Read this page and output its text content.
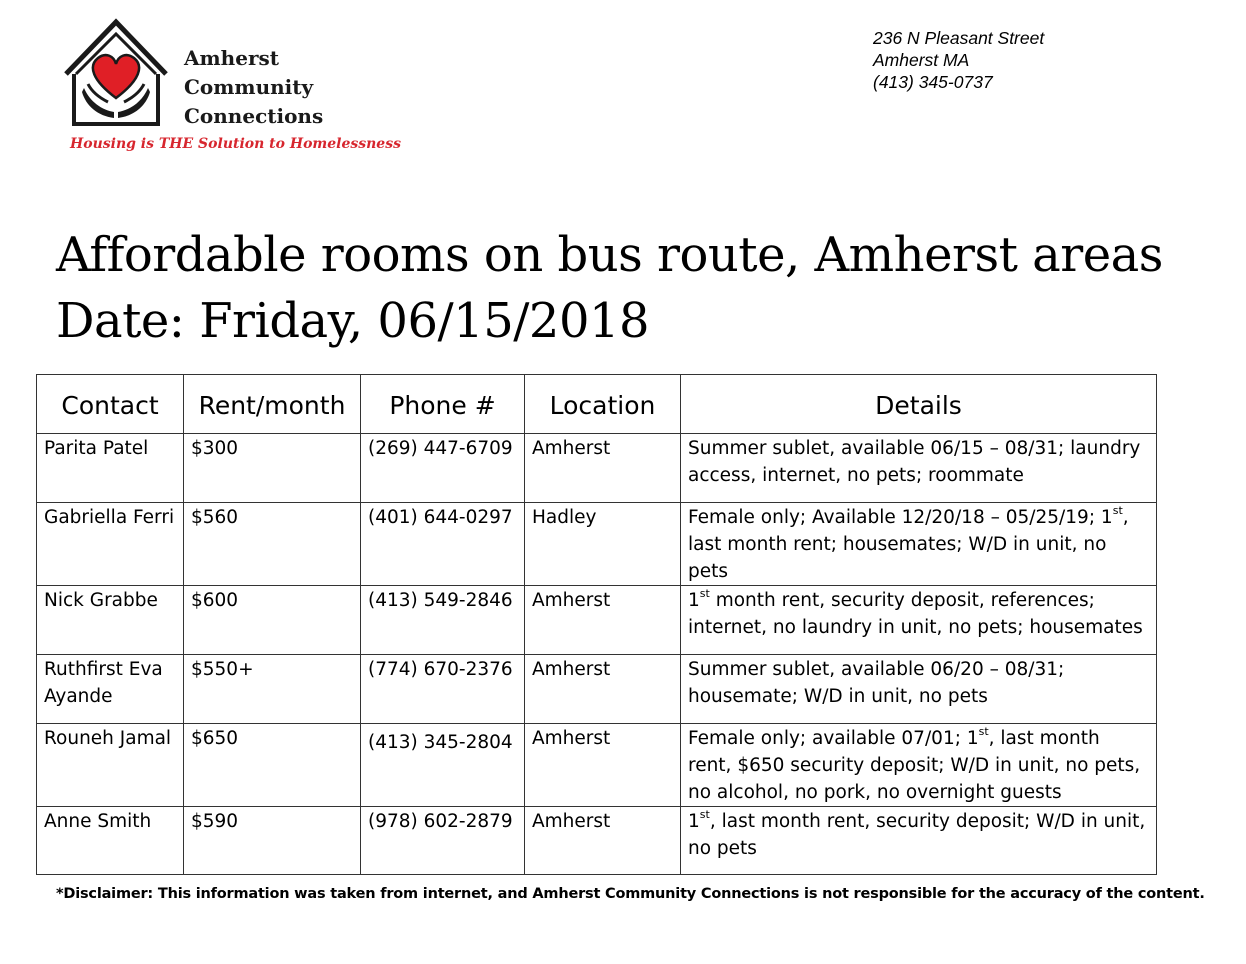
Amherst
Community
Connections
Housing is THE Solution to Homelessness
236 N Pleasant Street
Amherst MA
(413) 345-0737
Affordable rooms on bus route, Amherst areas
Date: Friday, 06/15/2018
Contact	Rent/month	Phone #	Location	Details
Parita Patel	$300	(269) 447-6709	Amherst	Summer sublet, available 06/15 – 08/31; laundry access, internet, no pets; roommate
Gabriella Ferri	$560	(401) 644-0297	Hadley	Female only; Available 12/20/18 – 05/25/19; 1st, last month rent; housemates; W/D in unit, no pets
Nick Grabbe	$600	(413) 549-2846	Amherst	1st month rent, security deposit, references; internet, no laundry in unit, no pets; housemates
Ruthfirst Eva Ayande	$550+	(774) 670-2376	Amherst	Summer sublet, available 06/20 – 08/31; housemate; W/D in unit, no pets
Rouneh Jamal	$650	(413) 345-2804	Amherst	Female only; available 07/01; 1st, last month rent, $650 security deposit; W/D in unit, no pets, no alcohol, no pork, no overnight guests
Anne Smith	$590	(978) 602-2879	Amherst	1st, last month rent, security deposit; W/D in unit, no pets
*Disclaimer: This information was taken from internet, and Amherst Community Connections is not responsible for the accuracy of the content.
